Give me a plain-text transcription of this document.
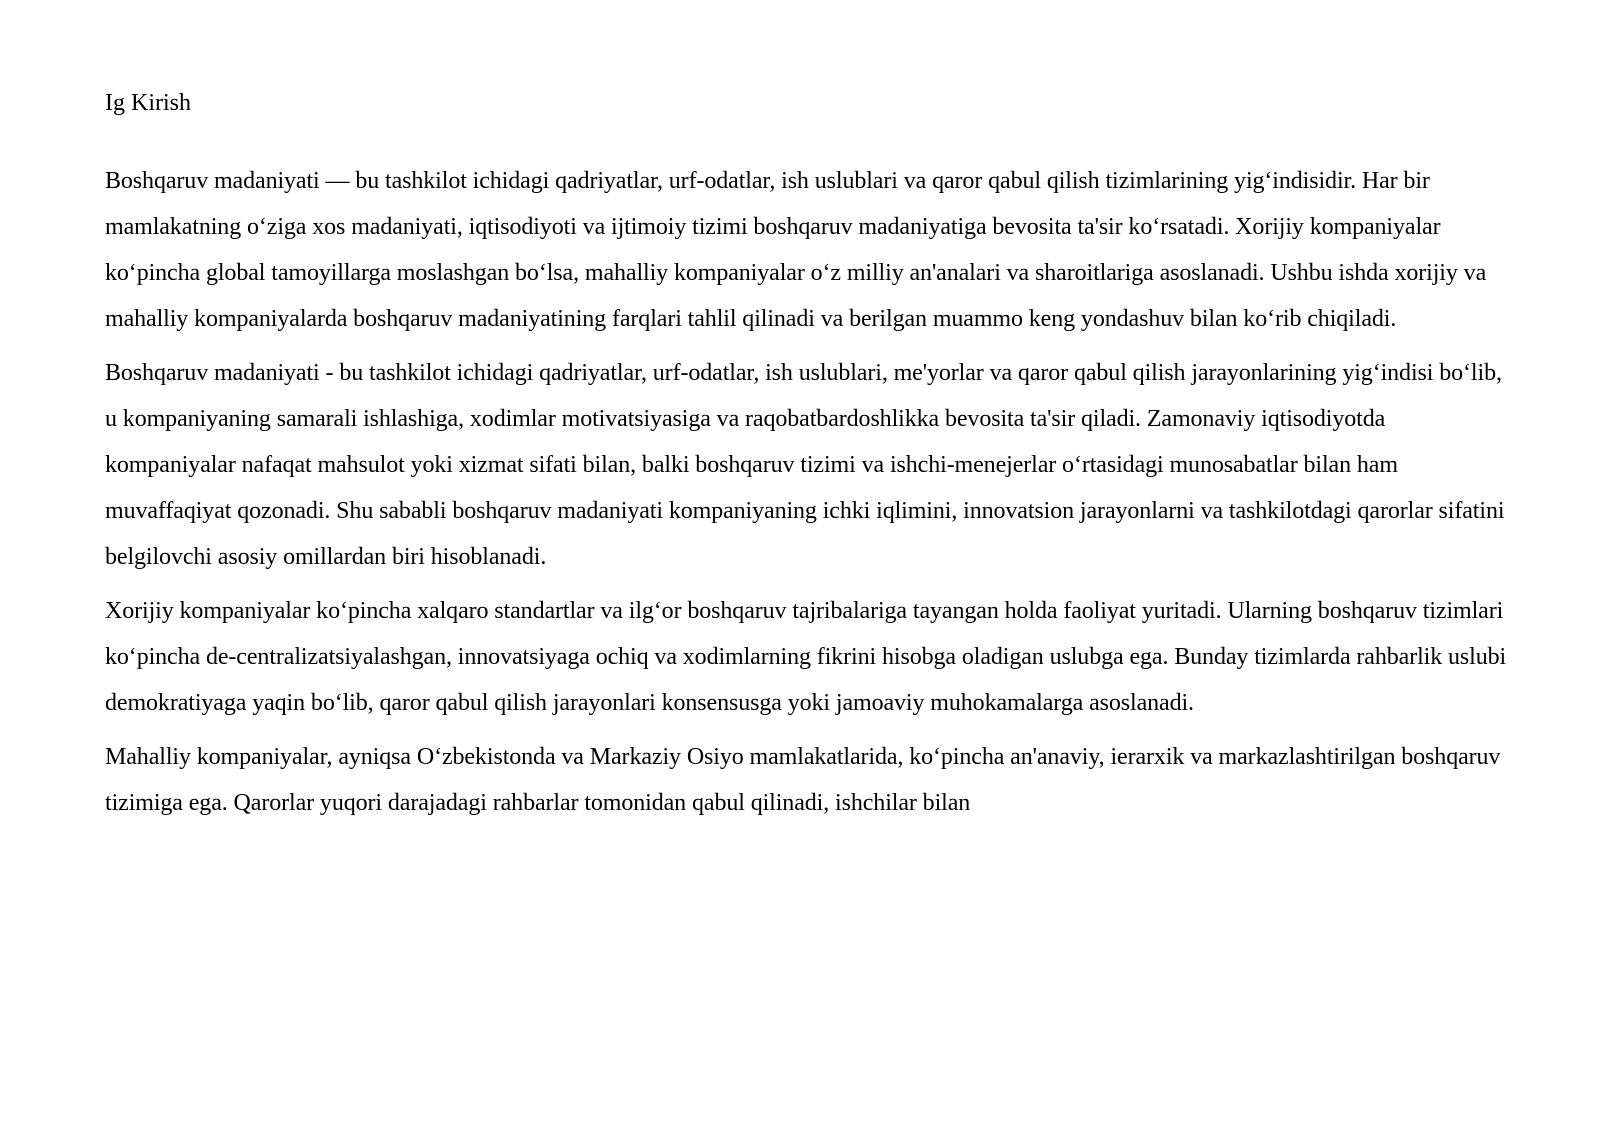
Ig Kirish

Boshqaruv madaniyati — bu tashkilot ichidagi qadriyatlar, urf-odatlar, ish uslublari va qaror qabul qilish tizimlarining yig‘indisidir. Har bir mamlakatning o‘ziga xos madaniyati, iqtisodiyoti va ijtimoiy tizimi boshqaruv madaniyatiga bevosita ta'sir ko‘rsatadi. Xorijiy kompaniyalar ko‘pincha global tamoyillarga moslashgan bo‘lsa, mahalliy kompaniyalar o‘z milliy an'analari va sharoitlariga asoslanadi. Ushbu ishda xorijiy va mahalliy kompaniyalarda boshqaruv madaniyatining farqlari tahlil qilinadi va berilgan muammo keng yondashuv bilan ko‘rib chiqiladi.

Boshqaruv madaniyati - bu tashkilot ichidagi qadriyatlar, urf-odatlar, ish uslublari, me'yorlar va qaror qabul qilish jarayonlarining yig‘indisi bo‘lib, u kompaniyaning samarali ishlashiga, xodimlar motivatsiyasiga va raqobatbardoshlikka bevosita ta'sir qiladi. Zamonaviy iqtisodiyotda kompaniyalar nafaqat mahsulot yoki xizmat sifati bilan, balki boshqaruv tizimi va ishchi-menejerlar o‘rtasidagi munosabatlar bilan ham muvaffaqiyat qozonadi. Shu sababli boshqaruv madaniyati kompaniyaning ichki iqlimini, innovatsion jarayonlarni va tashkilotdagi qarorlar sifatini belgilovchi asosiy omillardan biri hisoblanadi.

Xorijiy kompaniyalar ko‘pincha xalqaro standartlar va ilg‘or boshqaruv tajribalariga tayangan holda faoliyat yuritadi. Ularning boshqaruv tizimlari ko‘pincha de-centralizatsiyalashgan, innovatsiyaga ochiq va xodimlarning fikrini hisobga oladigan uslubga ega. Bunday tizimlarda rahbarlik uslubi demokratiyaga yaqin bo‘lib, qaror qabul qilish jarayonlari konsensusga yoki jamoaviy muhokamalarga asoslanadi.

Mahalliy kompaniyalar, ayniqsa O‘zbekistonda va Markaziy Osiyo mamlakatlarida, ko‘pincha an'anaviy, ierarxik va markazlashtirilgan boshqaruv tizimiga ega. Qarorlar yuqori darajadagi rahbarlar tomonidan qabul qilinadi, ishchilar bilan
